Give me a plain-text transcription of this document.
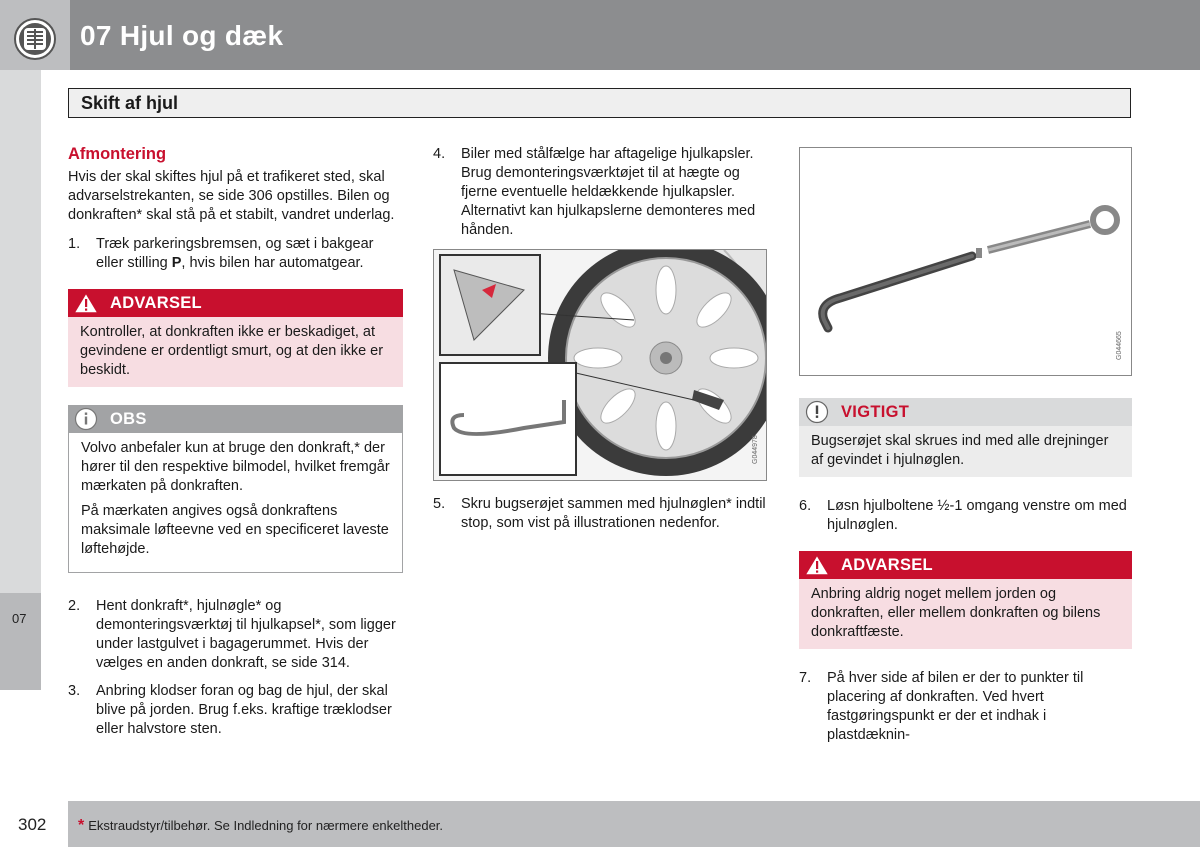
07 Hjul og dæk
07
Skift af hjul
Afmontering
Hvis der skal skiftes hjul på et trafikeret sted, skal advarselstrekanten, se side 306 opstilles. Bilen og donkraften* skal stå på et stabilt, vandret underlag.
1.	Træk parkeringsbremsen, og sæt i bakgear eller stilling P, hvis bilen har automatgear.
ADVARSEL
Kontroller, at donkraften ikke er beskadiget, at gevindene er ordentligt smurt, og at den ikke er beskidt.
OBS
Volvo anbefaler kun at bruge den donkraft,* der hører til den respektive bilmodel, hvilket fremgår mærkaten på donkraften.
På mærkaten angives også donkraftens maksimale løfteevne ved en specificeret laveste løftehøjde.
2.	Hent donkraft*, hjulnøgle* og demonteringsværktøj til hjulkapsel*, som ligger under lastgulvet i bagagerummet. Hvis der vælges en anden donkraft, se side 314.
3.	Anbring klodser foran og bag de hjul, der skal blive på jorden. Brug f.eks. kraftige træklodser eller halvstore sten.
4.	Biler med stålfælge har aftagelige hjulkapsler. Brug demonteringsværktøjet til at hægte og fjerne eventuelle heldækkende hjulkapsler. Alternativt kan hjulkapslerne demonteres med hånden.
G044978
5.	Skru bugserøjet sammen med hjulnøglen* indtil stop, som vist på illustrationen nedenfor.
G044665
VIGTIGT
Bugserøjet skal skrues ind med alle drejninger af gevindet i hjulnøglen.
6.	Løsn hjulboltene ½-1 omgang venstre om med hjulnøglen.
ADVARSEL
Anbring aldrig noget mellem jorden og donkraften, eller mellem donkraften og bilens donkraftfæste.
7.	På hver side af bilen er der to punkter til placering af donkraften. Ved hvert fastgøringspunkt er der et indhak i plastdæknin-
302 * Ekstraudstyr/tilbehør. Se Indledning for nærmere enkeltheder.
